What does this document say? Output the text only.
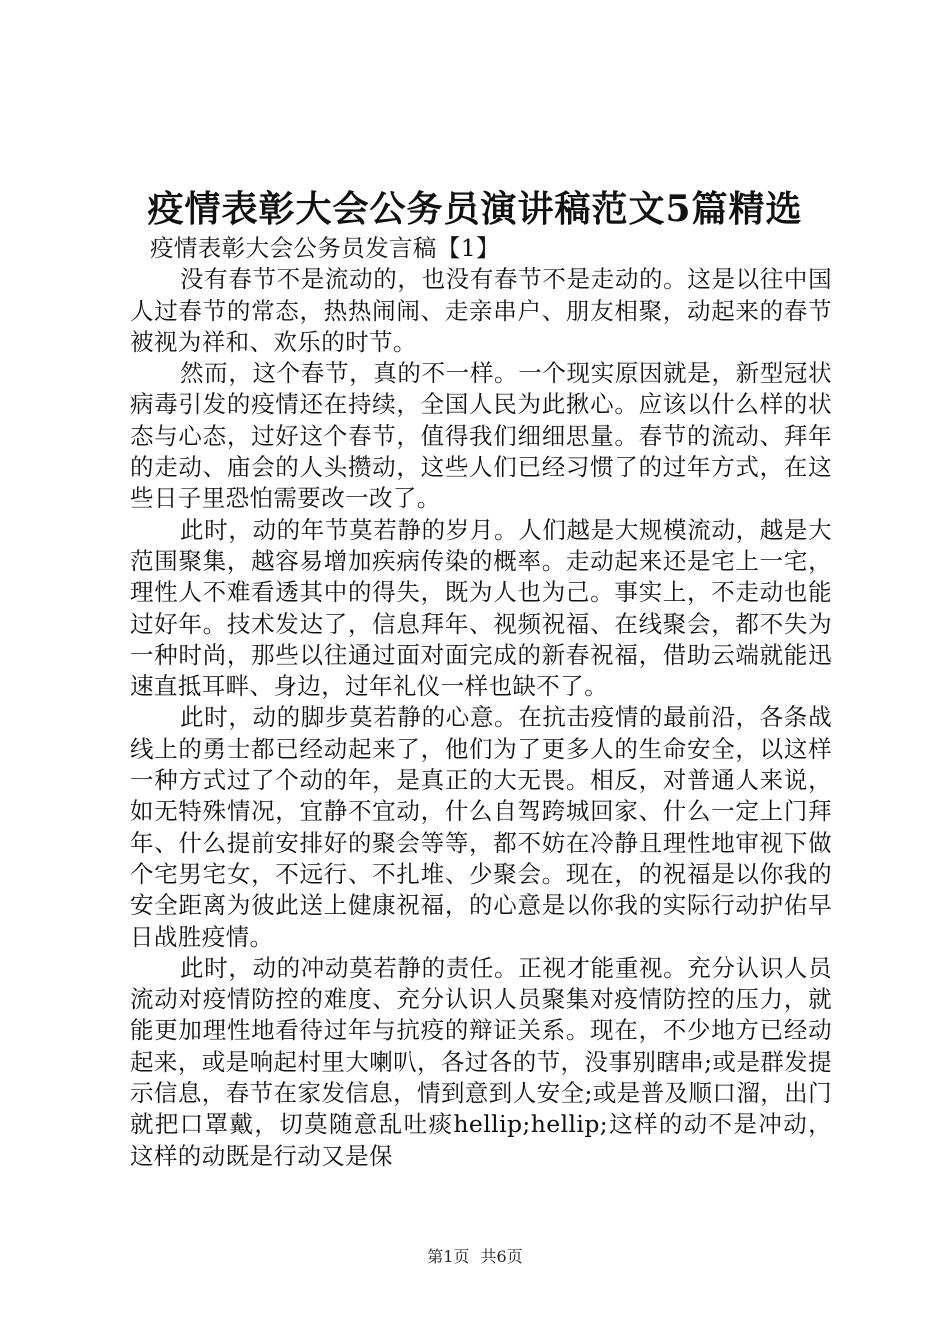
疫情表彰大会公务员演讲稿范文5篇精选

疫情表彰大会公务员发言稿【1】

没有春节不是流动的，也没有春节不是走动的。这是以往中国人过春节的常态，热热闹闹、走亲串户、朋友相聚，动起来的春节被视为祥和、欢乐的时节。

然而，这个春节，真的不一样。一个现实原因就是，新型冠状病毒引发的疫情还在持续，全国人民为此揪心。应该以什么样的状态与心态，过好这个春节，值得我们细细思量。春节的流动、拜年的走动、庙会的人头攒动，这些人们已经习惯了的过年方式，在这些日子里恐怕需要改一改了。

此时，动的年节莫若静的岁月。人们越是大规模流动，越是大范围聚集，越容易增加疾病传染的概率。走动起来还是宅上一宅，理性人不难看透其中的得失，既为人也为己。事实上，不走动也能过好年。技术发达了，信息拜年、视频祝福、在线聚会，都不失为一种时尚，那些以往通过面对面完成的新春祝福，借助云端就能迅速直抵耳畔、身边，过年礼仪一样也缺不了。

此时，动的脚步莫若静的心意。在抗击疫情的最前沿，各条战线上的勇士都已经动起来了，他们为了更多人的生命安全，以这样一种方式过了个动的年，是真正的大无畏。相反，对普通人来说，如无特殊情况，宜静不宜动，什么自驾跨城回家、什么一定上门拜年、什么提前安排好的聚会等等，都不妨在冷静且理性地审视下做个宅男宅女，不远行、不扎堆、少聚会。现在，的祝福是以你我的安全距离为彼此送上健康祝福，的心意是以你我的实际行动护佑早日战胜疫情。

此时，动的冲动莫若静的责任。正视才能重视。充分认识人员流动对疫情防控的难度、充分认识人员聚集对疫情防控的压力，就能更加理性地看待过年与抗疫的辩证关系。现在，不少地方已经动起来，或是响起村里大喇叭，各过各的节，没事别瞎串;或是群发提示信息，春节在家发信息，情到意到人安全;或是普及顺口溜，出门就把口罩戴，切莫随意乱吐痰hellip;hellip;这样的动不是冲动，这样的动既是行动又是保

第1页 共6页
